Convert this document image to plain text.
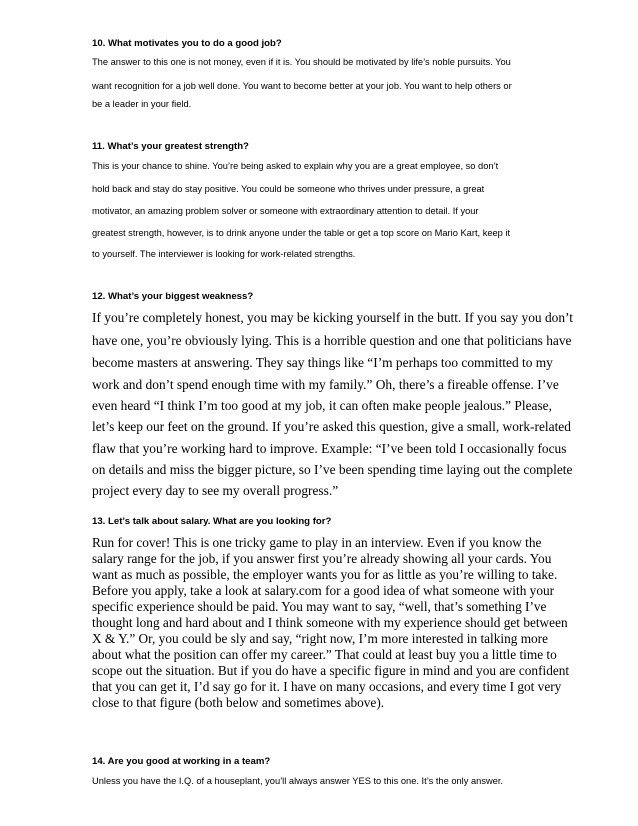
10. What motivates you to do a good job?
The answer to this one is not money, even if it is. You should be motivated by life’s noble pursuits. You
want recognition for a job well done. You want to become better at your job. You want to help others or
be a leader in your field.
11. What’s your greatest strength?
This is your chance to shine. You’re being asked to explain why you are a great employee, so don’t
hold back and stay do stay positive. You could be someone who thrives under pressure, a great
motivator, an amazing problem solver or someone with extraordinary attention to detail. If your
greatest strength, however, is to drink anyone under the table or get a top score on Mario Kart, keep it
to yourself. The interviewer is looking for work-related strengths.
12. What’s your biggest weakness?
If you’re completely honest, you may be kicking yourself in the butt. If you say you don’t
have one, you’re obviously lying. This is a horrible question and one that politicians have
become masters at answering. They say things like “I’m perhaps too committed to my
work and don’t spend enough time with my family.” Oh, there’s a fireable offense. I’ve
even heard “I think I’m too good at my job, it can often make people jealous.” Please,
let’s keep our feet on the ground. If you’re asked this question, give a small, work-related
flaw that you’re working hard to improve. Example: “I’ve been told I occasionally focus
on details and miss the bigger picture, so I’ve been spending time laying out the complete
project every day to see my overall progress.”
13. Let’s talk about salary. What are you looking for?
Run for cover! This is one tricky game to play in an interview. Even if you know the
salary range for the job, if you answer first you’re already showing all your cards. You
want as much as possible, the employer wants you for as little as you’re willing to take.
Before you apply, take a look at salary.com for a good idea of what someone with your
specific experience should be paid. You may want to say, “well, that’s something I’ve
thought long and hard about and I think someone with my experience should get between
X & Y.” Or, you could be sly and say, “right now, I’m more interested in talking more
about what the position can offer my career.” That could at least buy you a little time to
scope out the situation. But if you do have a specific figure in mind and you are confident
that you can get it, I’d say go for it. I have on many occasions, and every time I got very
close to that figure (both below and sometimes above).
14. Are you good at working in a team?
Unless you have the I.Q. of a houseplant, you’ll always answer YES to this one. It’s the only answer.
